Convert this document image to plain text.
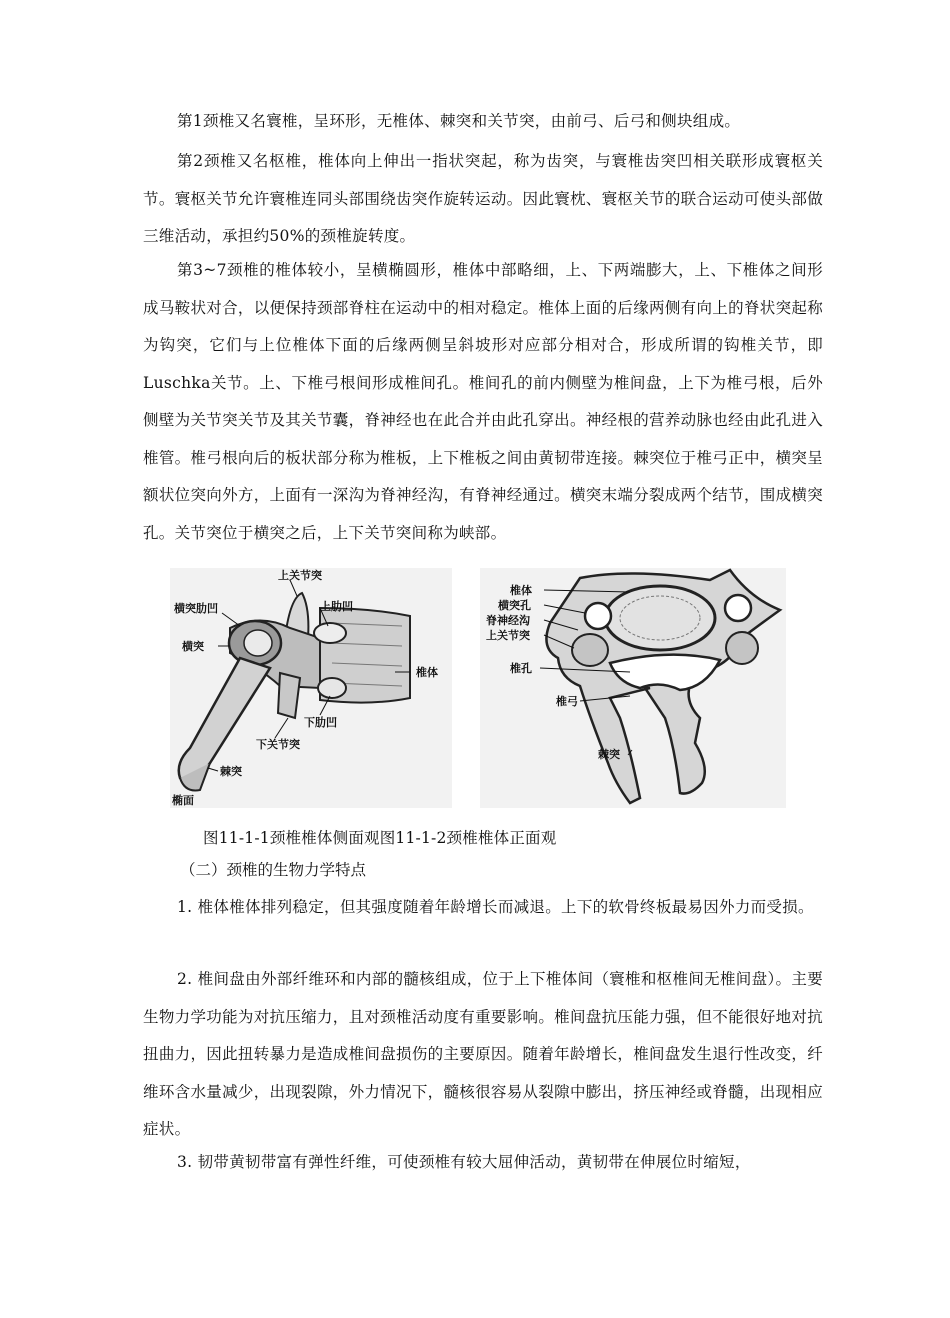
第1颈椎又名寰椎，呈环形，无椎体、棘突和关节突，由前弓、后弓和侧块组成。

第2颈椎又名枢椎，椎体向上伸出一指状突起，称为齿突，与寰椎齿突凹相关联形成寰枢关节。寰枢关节允许寰椎连同头部围绕齿突作旋转运动。因此寰枕、寰枢关节的联合运动可使头部做三维活动，承担约50%的颈椎旋转度。

第3~7颈椎的椎体较小，呈横椭圆形，椎体中部略细，上、下两端膨大，上、下椎体之间形成马鞍状对合，以便保持颈部脊柱在运动中的相对稳定。椎体上面的后缘两侧有向上的脊状突起称为钩突，它们与上位椎体下面的后缘两侧呈斜坡形对应部分相对合，形成所谓的钩椎关节，即Luschka关节。上、下椎弓根间形成椎间孔。椎间孔的前内侧壁为椎间盘，上下为椎弓根，后外侧壁为关节突关节及其关节囊，脊神经也在此合并由此孔穿出。神经根的营养动脉也经由此孔进入椎管。椎弓根向后的板状部分称为椎板，上下椎板之间由黄韧带连接。棘突位于椎弓正中，横突呈额状位突向外方，上面有一深沟为脊神经沟，有脊神经通过。横突末端分裂成两个结节，围成横突孔。关节突位于横突之后，上下关节突间称为峡部。

上关节突
横突肋凹	上肋凹
横突
椎体
下肋凹
下关节突
棘突
椭面
椎体
横突孔
脊神经沟
上关节突
椎孔
椎弓
棘突
图11-1-1颈椎椎体侧面观图11-1-2颈椎椎体正面观
（二）颈椎的生物力学特点

1. 椎体椎体排列稳定，但其强度随着年龄增长而减退。上下的软骨终板最易因外力而受损。

2. 椎间盘由外部纤维环和内部的髓核组成，位于上下椎体间（寰椎和枢椎间无椎间盘）。主要生物力学功能为对抗压缩力，且对颈椎活动度有重要影响。椎间盘抗压能力强，但不能很好地对抗扭曲力，因此扭转暴力是造成椎间盘损伤的主要原因。随着年龄增长，椎间盘发生退行性改变，纤维环含水量减少，出现裂隙，外力情况下，髓核很容易从裂隙中膨出，挤压神经或脊髓，出现相应症状。

3. 韧带黄韧带富有弹性纤维，可使颈椎有较大屈伸活动，黄韧带在伸展位时缩短，
